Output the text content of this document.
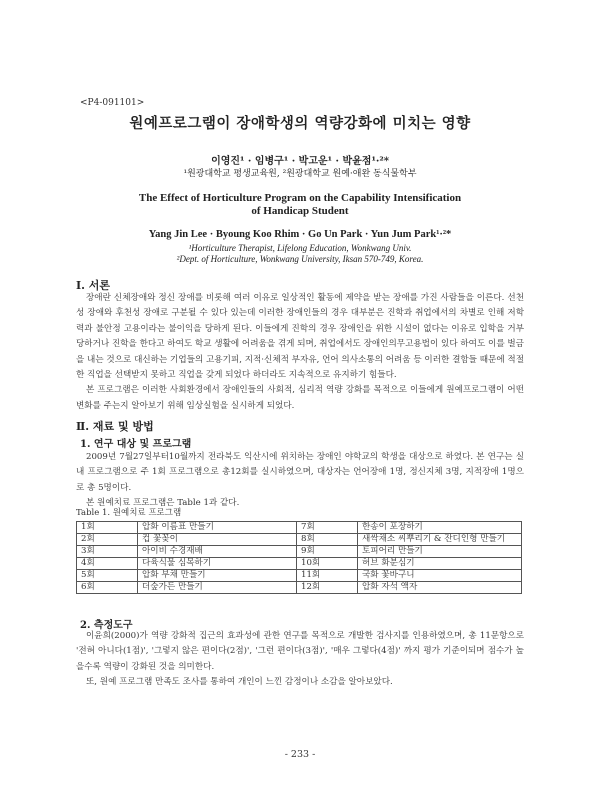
<P4-091101>
원예프로그램이 장애학생의 역량강화에 미치는 영향
이영진¹ · 임병구¹ · 박고운¹ · 박윤점¹·²*
¹원광대학교 평생교육원, ²원광대학교 원예·애완 동식물학부
The Effect of Horticulture Program on the Capability Intensification
of Handicap Student
Yang Jin Lee · Byoung Koo Rhim · Go Un Park · Yun Jum Park¹·²*
¹Horticulture Therapist, Lifelong Education, Wonkwang Univ.
²Dept. of Horticulture, Wonkwang University, Iksan 570-749, Korea.
Ⅰ. 서론

장애란 신체장애와 정신 장애를 비롯해 여러 이유로 일상적인 활동에 제약을 받는 장애를 가진 사람들을 이른다. 선천성 장애와 후천성 장애로 구분될 수 있다 있는데 이러한 장애인들의 경우 대부분은 진학과 취업에서의 차별로 인해 저학력과 불안정 고용이라는 불이익을 당하게 된다. 이들에게 진학의 경우 장애인을 위한 시설이 없다는 이유로 입학을 거부당하거나 진학을 한다고 하여도 학교 생활에 어려움을 겪게 되며, 취업에서도 장애인의무고용법이 있다 하여도 이를 벌금을 내는 것으로 대신하는 기업들의 고용기피, 지적·신체적 부자유, 언어 의사소통의 어려움 등 이러한 결함들 때문에 적절한 직업을 선택받지 못하고 직업을 갖게 되었다 하더라도 지속적으로 유지하기 힘들다.

본 프로그램은 이러한 사회환경에서 장애인들의 사회적, 심리적 역량 강화를 목적으로 이들에게 원예프로그램이 어떤 변화를 주는지 알아보기 위해 임상실험을 실시하게 되었다.

Ⅱ. 재료 및 방법
1. 연구 대상 및 프로그램

2009년 7월27일부터10월까지 전라북도 익산시에 위치하는 장애인 야학교의 학생을 대상으로 하였다. 본 연구는 실내 프로그램으로 주 1회 프로그램으로 총12회를 실시하였으며, 대상자는 언어장애 1명, 정신지체 3명, 지적장애 1명으로 총 5명이다.

본 원예치료 프로그램은 Table 1과 같다.

Table 1. 원예치료 프로그램
1회	압화 이름표 만들기	7회	한송이 포장하기
2회	컵 꽃꽂이	8회	새싹채소 씨뿌리기 & 잔디인형 만들기
3회	아이비 수경재배	9회	토피어리 만들기
4회	다육식물 심목하기	10회	허브 화분심기
5회	압화 부채 만들기	11회	국화 꽃바구니
6회	더숲가든 만들기	12회	압화 자석 액자
2. 측정도구

이윤희(2000)가 역량 강화적 집근의 효과성에 관한 연구를 목적으로 개발한 검사지를 인용하였으며, 총 11문항으로 '전혀 아니다(1점)', '그렇지 않은 편이다(2점)', '그런 편이다(3점)', '매우 그렇다(4점)' 까지 평가 기준이되며 점수가 높을수록 역량이 강화된 것을 의미한다.

또, 원예 프로그램 만족도 조사를 통하여 개인이 느낀 감정이나 소감을 알아보았다.

- 233 -
